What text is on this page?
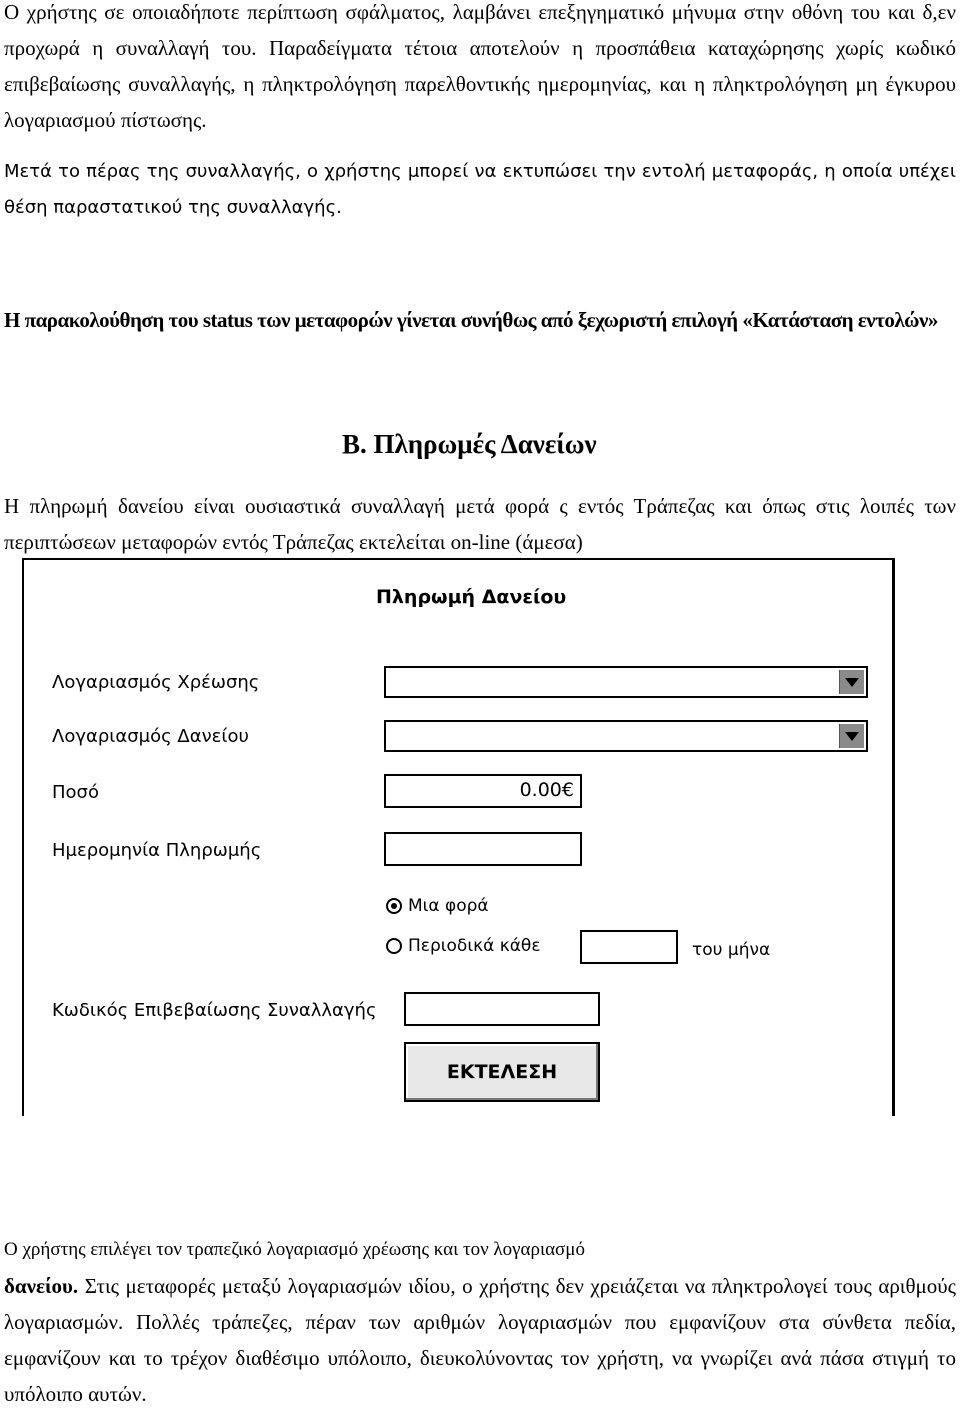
Ο χρήστης σε οποιαδήποτε περίπτωση σφάλματος, λαμβάνει επεξηγηματικό μήνυμα στην οθόνη του και δ,εν προχωρά η συναλλαγή του. Παραδείγματα τέτοια αποτελούν η προσπάθεια καταχώρησης χωρίς κωδικό επιβεβαίωσης συναλλαγής, η πληκτρολόγηση παρελθοντικής ημερομηνίας, και η πληκτρολόγηση μη έγκυρου λογαριασμού πίστωσης.
Μετά το πέρας της συναλλαγής, ο χρήστης μπορεί να εκτυπώσει την εντολή μεταφοράς, η οποία υπέχει θέση παραστατικού της συναλλαγής.
Η παρακολούθηση του status των μεταφορών γίνεται συνήθως από ξεχωριστή επιλογή «Κατάσταση εντολών»
Β. Πληρωμές Δανείων
Η πληρωμή δανείου είναι ουσιαστικά συναλλαγή μετά φορά ς εντός Τράπεζας και όπως στις λοιπές των περιπτώσεων μεταφορών εντός Τράπεζας εκτελείται on-line (άμεσα)
Πληρωμή Δανείου
Λογαριασμός Χρέωσης
Λογαριασμός Δανείου
Ποσό	0.00€
Ημερομηνία Πληρωμής
Μια φορά
Περιοδικά κάθε	του μήνα
Κωδικός Επιβεβαίωσης Συναλλαγής
ΕΚΤΕΛΕΣΗ
Ο χρήστης επιλέγει τον τραπεζικό λογαριασμό χρέωσης και τον λογαριασμό
δανείου. Στις μεταφορές μεταξύ λογαριασμών ιδίου, ο χρήστης δεν χρειάζεται να πληκτρολογεί τους αριθμούς λογαριασμών. Πολλές τράπεζες, πέραν των αριθμών λογαριασμών που εμφανίζουν στα σύνθετα πεδία, εμφανίζουν και το τρέχον διαθέσιμο υπόλοιπο, διευκολύνοντας τον χρήστη, να γνωρίζει ανά πάσα στιγμή το υπόλοιπο αυτών.
